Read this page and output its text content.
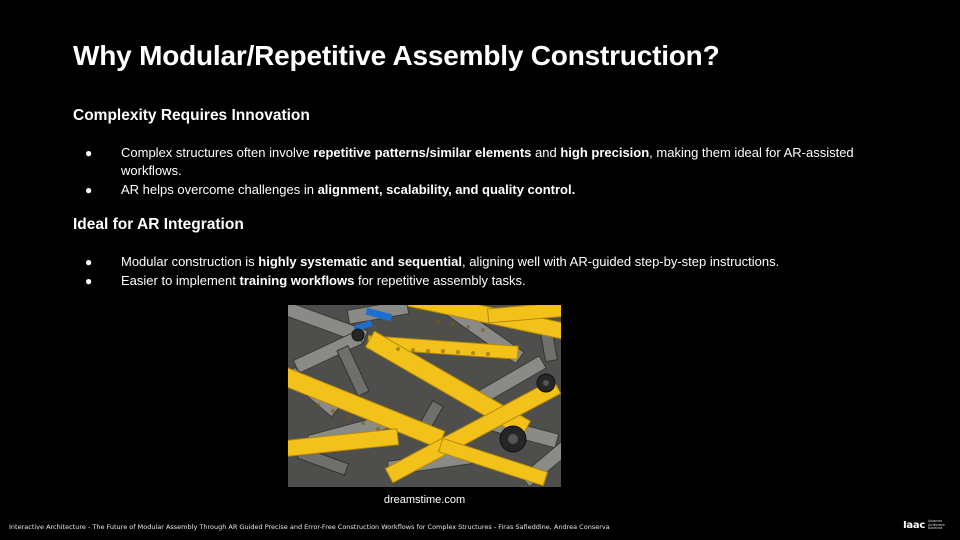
Why Modular/Repetitive Assembly Construction?
Complexity Requires Innovation
● Complex structures often involve repetitive patterns/similar elements and high precision, making them ideal for AR-assisted workflows.
● AR helps overcome challenges in alignment, scalability, and quality control.
Ideal for AR Integration
● Modular construction is highly systematic and sequential, aligning well with AR-guided step-by-step instructions.
● Easier to implement training workflows for repetitive assembly tasks.
dreamstime.com
Interactive Architecture - The Future of Modular Assembly Through AR Guided Precise and Error-Free Construction Workflows for Complex Structures - Firas Safieddine, Andrea Conserva	Iaac Advanced
Architecture
Barcelona
